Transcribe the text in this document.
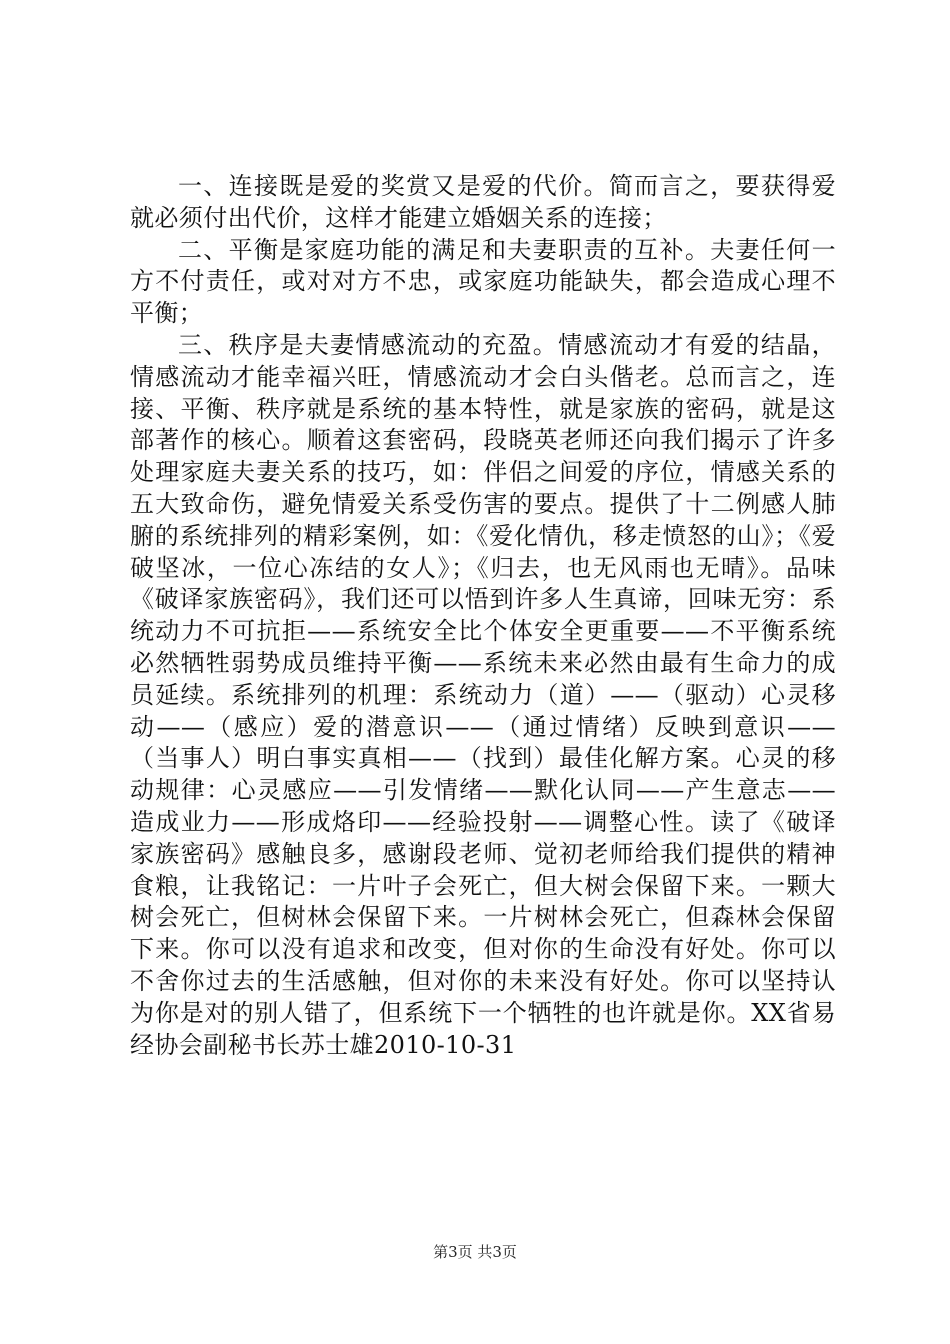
一、连接既是爱的奖赏又是爱的代价。简而言之，要获得爱就必须付出代价，这样才能建立婚姻关系的连接；

二、平衡是家庭功能的满足和夫妻职责的互补。夫妻任何一方不付责任，或对对方不忠，或家庭功能缺失，都会造成心理不平衡；

三、秩序是夫妻情感流动的充盈。情感流动才有爱的结晶，情感流动才能幸福兴旺，情感流动才会白头偕老。总而言之，连接、平衡、秩序就是系统的基本特性，就是家族的密码，就是这部著作的核心。顺着这套密码，段晓英老师还向我们揭示了许多处理家庭夫妻关系的技巧，如：伴侣之间爱的序位，情感关系的五大致命伤，避免情爱关系受伤害的要点。提供了十二例感人肺腑的系统排列的精彩案例，如：《爱化情仇，移走愤怒的山》；《爱破坚冰，一位心冻结的女人》；《归去，也无风雨也无晴》。品味《破译家族密码》，我们还可以悟到许多人生真谛，回味无穷：系统动力不可抗拒——系统安全比个体安全更重要——不平衡系统必然牺牲弱势成员维持平衡——系统未来必然由最有生命力的成员延续。系统排列的机理：系统动力（道）——（驱动）心灵移动——（感应）爱的潜意识——（通过情绪）反映到意识——（当事人）明白事实真相——（找到）最佳化解方案。心灵的移动规律：心灵感应——引发情绪——默化认同——产生意志——造成业力——形成烙印——经验投射——调整心性。读了《破译家族密码》感触良多，感谢段老师、觉初老师给我们提供的精神食粮，让我铭记：一片叶子会死亡，但大树会保留下来。一颗大树会死亡，但树林会保留下来。一片树林会死亡，但森林会保留下来。你可以没有追求和改变，但对你的生命没有好处。你可以不舍你过去的生活感触，但对你的未来没有好处。你可以坚持认为你是对的别人错了，但系统下一个牺牲的也许就是你。XX省易经协会副秘书长苏士雄2010-10-31

第3页 共3页
